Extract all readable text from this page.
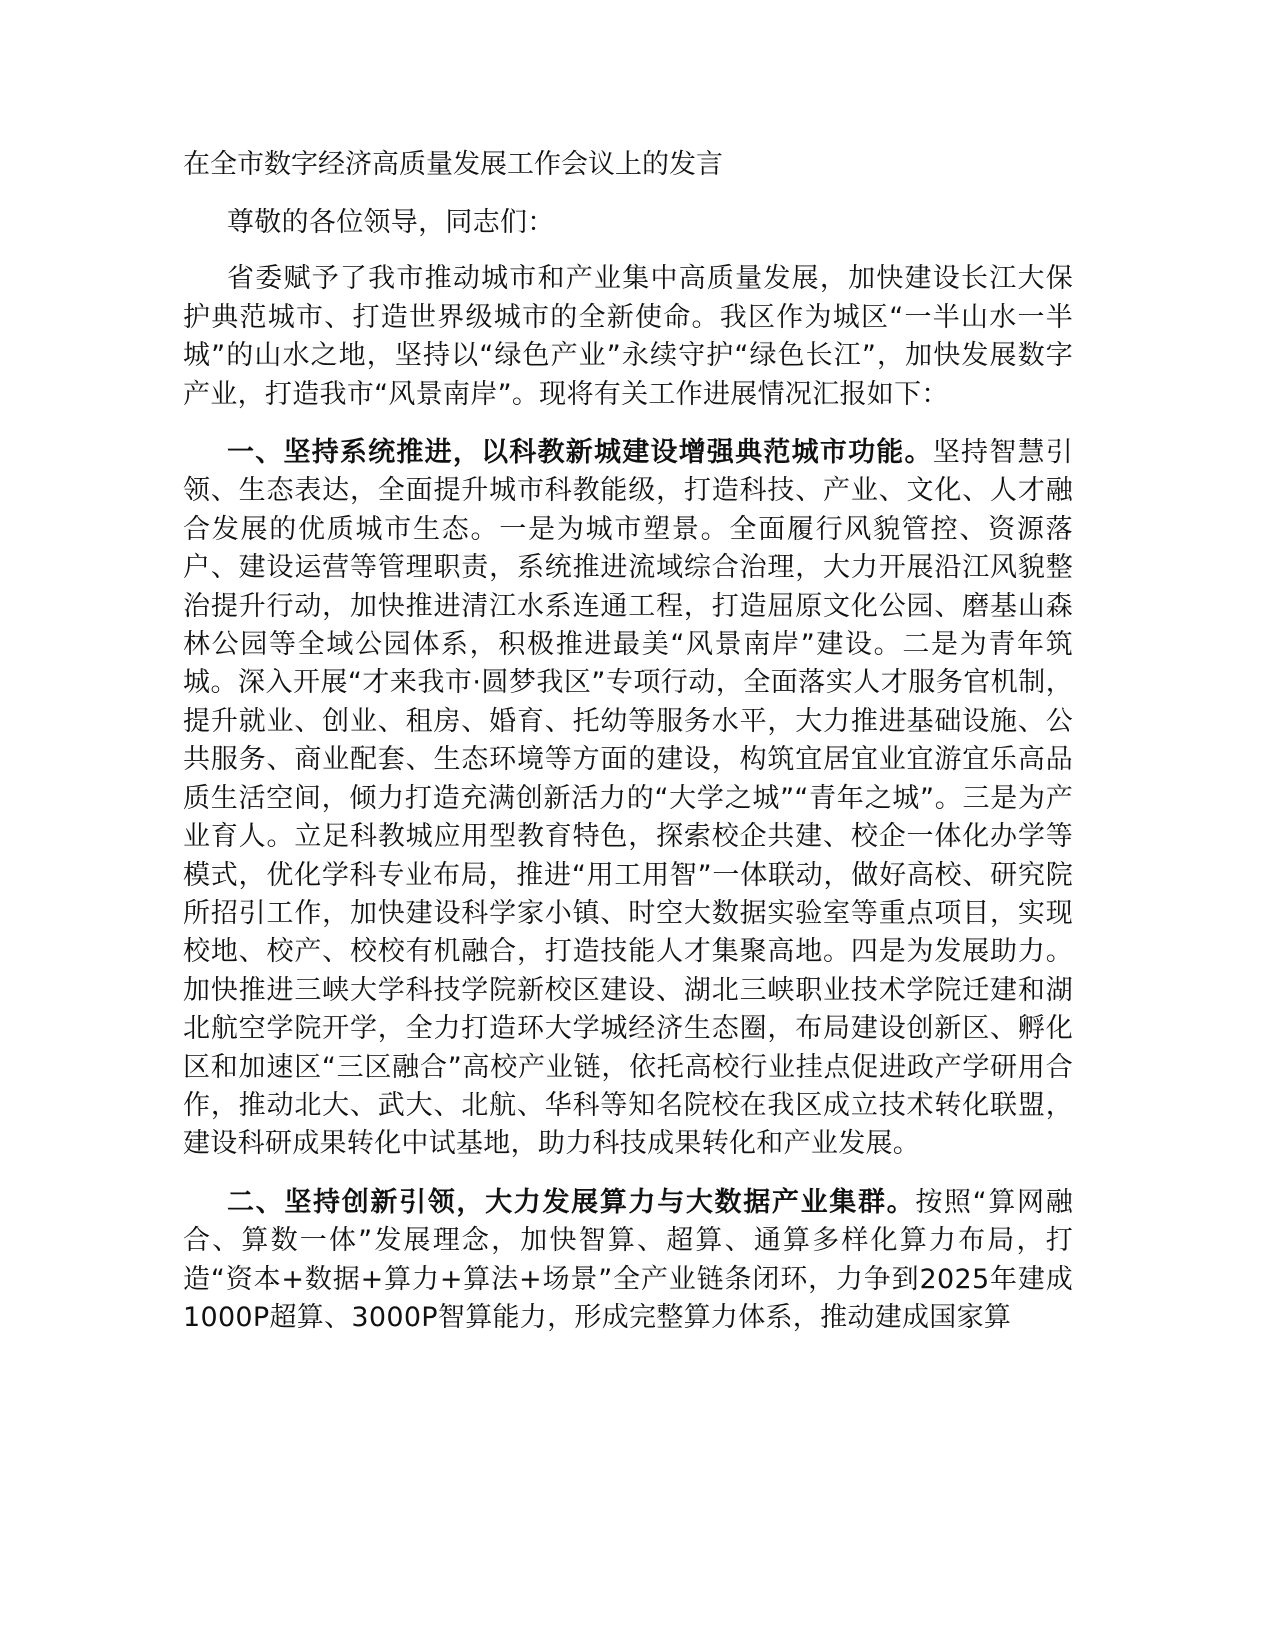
在全市数字经济高质量发展工作会议上的发言

尊敬的各位领导，同志们：

省委赋予了我市推动城市和产业集中高质量发展，加快建设长江大保护典范城市、打造世界级城市的全新使命。我区作为城区“一半山水一半城”的山水之地，坚持以“绿色产业”永续守护“绿色长江”，加快发展数字产业，打造我市“风景南岸”。现将有关工作进展情况汇报如下：

一、坚持系统推进，以科教新城建设增强典范城市功能。坚持智慧引领、生态表达，全面提升城市科教能级，打造科技、产业、文化、人才融合发展的优质城市生态。一是为城市塑景。全面履行风貌管控、资源落户、建设运营等管理职责，系统推进流域综合治理，大力开展沿江风貌整治提升行动，加快推进清江水系连通工程，打造屈原文化公园、磨基山森林公园等全域公园体系，积极推进最美“风景南岸”建设。二是为青年筑城。深入开展“才来我市·圆梦我区”专项行动，全面落实人才服务官机制，提升就业、创业、租房、婚育、托幼等服务水平，大力推进基础设施、公共服务、商业配套、生态环境等方面的建设，构筑宜居宜业宜游宜乐高品质生活空间，倾力打造充满创新活力的“大学之城”“青年之城”。三是为产业育人。立足科教城应用型教育特色，探索校企共建、校企一体化办学等模式，优化学科专业布局，推进“用工用智”一体联动，做好高校、研究院所招引工作，加快建设科学家小镇、时空大数据实验室等重点项目，实现校地、校产、校校有机融合，打造技能人才集聚高地。四是为发展助力。加快推进三峡大学科技学院新校区建设、湖北三峡职业技术学院迁建和湖北航空学院开学，全力打造环大学城经济生态圈，布局建设创新区、孵化区和加速区“三区融合”高校产业链，依托高校行业挂点促进政产学研用合作，推动北大、武大、北航、华科等知名院校在我区成立技术转化联盟，建设科研成果转化中试基地，助力科技成果转化和产业发展。

二、坚持创新引领，大力发展算力与大数据产业集群。按照“算网融合、算数一体”发展理念，加快智算、超算、通算多样化算力布局，打造“资本+数据+算力+算法+场景”全产业链条闭环，力争到2025年建成1000P超算、3000P智算能力，形成完整算力体系，推动建成国家算
